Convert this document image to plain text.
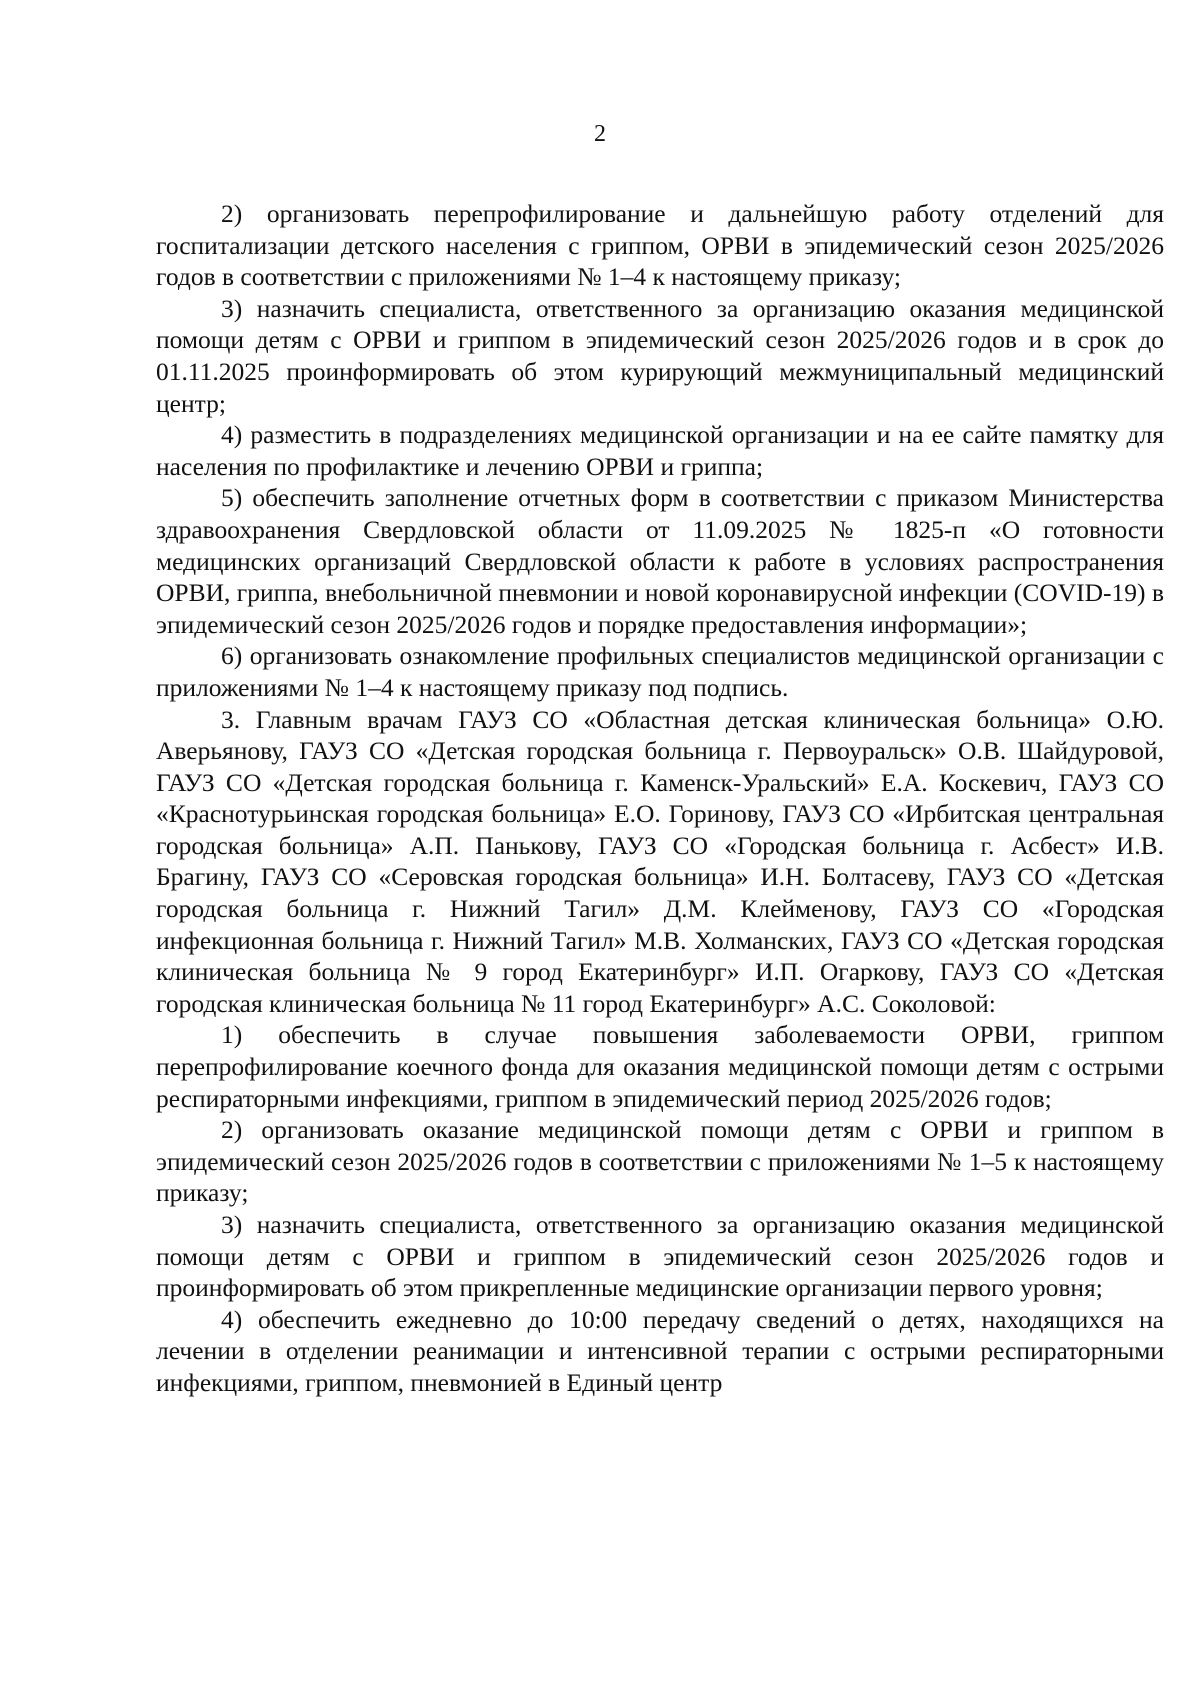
2

2) организовать перепрофилирование и дальнейшую работу отделений для госпитализации детского населения с гриппом, ОРВИ в эпидемический сезон 2025/2026 годов в соответствии с приложениями № 1–4 к настоящему приказу;

3) назначить специалиста, ответственного за организацию оказания медицинской помощи детям с ОРВИ и гриппом в эпидемический сезон 2025/2026 годов и в срок до 01.11.2025 проинформировать об этом курирующий межмуниципальный медицинский центр;

4) разместить в подразделениях медицинской организации и на ее сайте памятку для населения по профилактике и лечению ОРВИ и гриппа;

5) обеспечить заполнение отчетных форм в соответствии с приказом Министерства здравоохранения Свердловской области от 11.09.2025 № 1825-п «О готовности медицинских организаций Свердловской области к работе в условиях распространения ОРВИ, гриппа, внебольничной пневмонии и новой коронавирусной инфекции (COVID-19) в эпидемический сезон 2025/2026 годов и порядке предоставления информации»;

6) организовать ознакомление профильных специалистов медицинской организации с приложениями № 1–4 к настоящему приказу под подпись.

3. Главным врачам ГАУЗ СО «Областная детская клиническая больница» О.Ю. Аверьянову, ГАУЗ СО «Детская городская больница г. Первоуральск» О.В. Шайдуровой, ГАУЗ СО «Детская городская больница г. Каменск-Уральский» Е.А. Коскевич, ГАУЗ СО «Краснотурьинская городская больница» Е.О. Горинову, ГАУЗ СО «Ирбитская центральная городская больница» А.П. Панькову, ГАУЗ СО «Городская больница г. Асбест» И.В. Брагину, ГАУЗ СО «Серовская городская больница» И.Н. Болтасеву, ГАУЗ СО «Детская городская больница г. Нижний Тагил» Д.М. Клейменову, ГАУЗ СО «Городская инфекционная больница г. Нижний Тагил» М.В. Холманских, ГАУЗ СО «Детская городская клиническая больница № 9 город Екатеринбург» И.П. Огаркову, ГАУЗ СО «Детская городская клиническая больница № 11 город Екатеринбург» А.С. Соколовой:

1) обеспечить в случае повышения заболеваемости ОРВИ, гриппом перепрофилирование коечного фонда для оказания медицинской помощи детям с острыми респираторными инфекциями, гриппом в эпидемический период 2025/2026 годов;

2) организовать оказание медицинской помощи детям с ОРВИ и гриппом в эпидемический сезон 2025/2026 годов в соответствии с приложениями № 1–5 к настоящему приказу;

3) назначить специалиста, ответственного за организацию оказания медицинской помощи детям с ОРВИ и гриппом в эпидемический сезон 2025/2026 годов и проинформировать об этом прикрепленные медицинские организации первого уровня;

4) обеспечить ежедневно до 10:00 передачу сведений о детях, находящихся на лечении в отделении реанимации и интенсивной терапии с острыми респираторными инфекциями, гриппом, пневмонией в Единый центр
